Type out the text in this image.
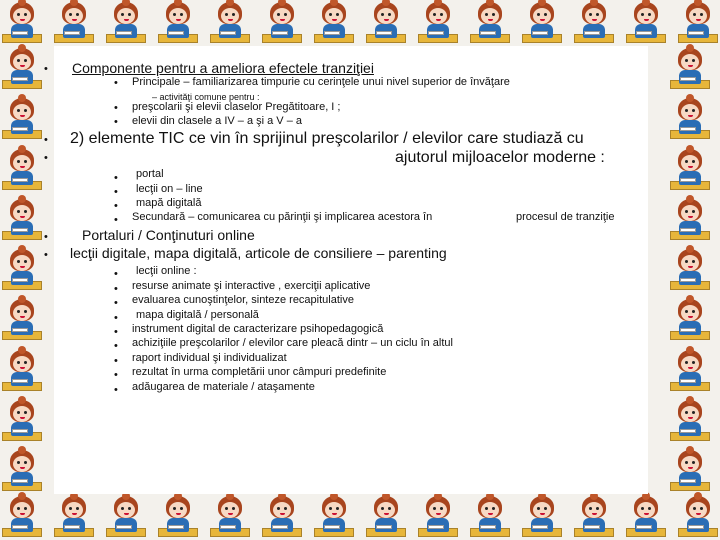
• Componente pentru a ameliora efectele tranziţiei
• Principale – familiarizarea timpurie cu cerinţele unui nivel superior de învăţare
– activităţi comune pentru :
• preşcolarii şi elevii claselor Pregătitoare, I ;
• elevii din clasele a IV – a şi a V – a
•
•
2) elemente TIC ce vin în sprijinul preşcolarilor / elevilor care studiază cu
ajutorul mijloacelor moderne :
• portal
• lecţii on – line
• mapă digitală
• Secundară – comunicarea cu părinţii şi implicarea acestora în	procesul de tranziţie
• Portaluri / Conţinuturi online
• lecţii digitale, mapa digitală, articole de consiliere – parenting
• lecţii online :
• resurse animate şi interactive , exerciţii aplicative
• evaluarea cunoştinţelor, sinteze recapitulative
• mapa digitală / personală
• instrument digital de caracterizare psihopedagogică
• achiziţiile preşcolarilor / elevilor care pleacă dintr – un ciclu în altul
• raport individual şi individualizat
• rezultat în urma completării unor câmpuri predefinite
• adăugarea de materiale / ataşamente
